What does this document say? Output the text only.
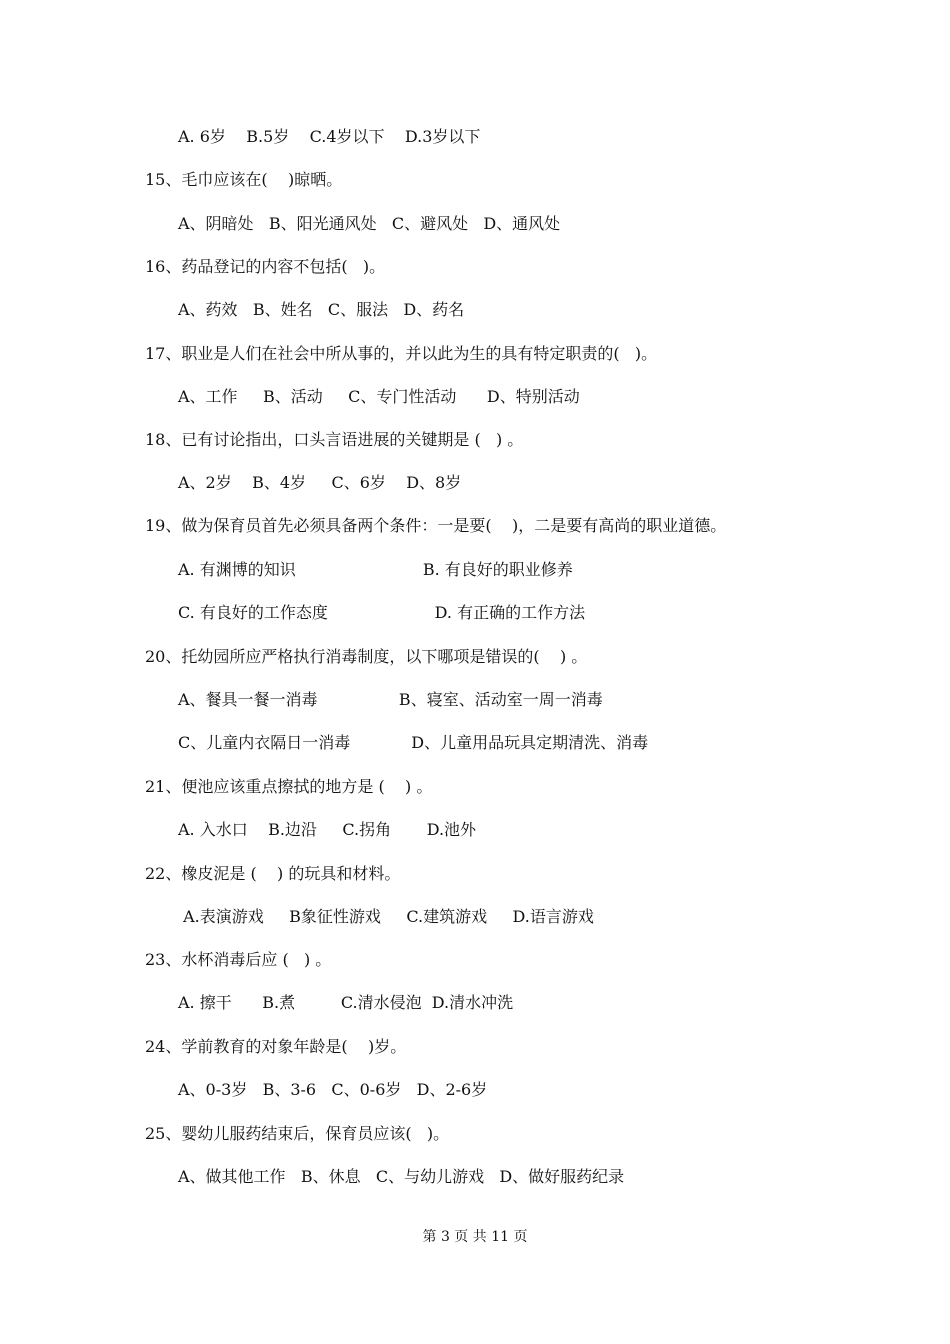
A. 6岁    B.5岁    C.4岁以下    D.3岁以下
15、毛巾应该在(    )晾晒。
A、阴暗处   B、阳光通风处   C、避风处   D、通风处
16、药品登记的内容不包括(   )。
A、药效   B、姓名   C、服法   D、药名
17、职业是人们在社会中所从事的，并以此为生的具有特定职责的(   )。
A、工作     B、活动     C、专门性活动      D、特别活动
18、已有讨论指出，口头言语进展的关键期是 (   ) 。
A、2岁    B、4岁     C、6岁    D、8岁
19、做为保育员首先必须具备两个条件：一是要(    )，二是要有高尚的职业道德。
A. 有渊博的知识                         B. 有良好的职业修养
C. 有良好的工作态度                     D. 有正确的工作方法
20、托幼园所应严格执行消毒制度，以下哪项是错误的(    ) 。
A、餐具一餐一消毒                B、寝室、活动室一周一消毒
C、儿童内衣隔日一消毒            D、儿童用品玩具定期清洗、消毒
21、便池应该重点擦拭的地方是 (    ) 。
A. 入水口    B.边沿     C.拐角       D.池外
22、橡皮泥是 (    ) 的玩具和材料。
A.表演游戏     B象征性游戏     C.建筑游戏     D.语言游戏
23、水杯消毒后应 (   ) 。
A. 擦干      B.煮         C.清水侵泡  D.清水冲洗
24、学前教育的对象年龄是(    )岁。
A、0-3岁   B、3-6   C、0-6岁   D、2-6岁
25、婴幼儿服药结束后，保育员应该(   )。
A、做其他工作   B、休息   C、与幼儿游戏   D、做好服药纪录
第 3 页 共 11 页
